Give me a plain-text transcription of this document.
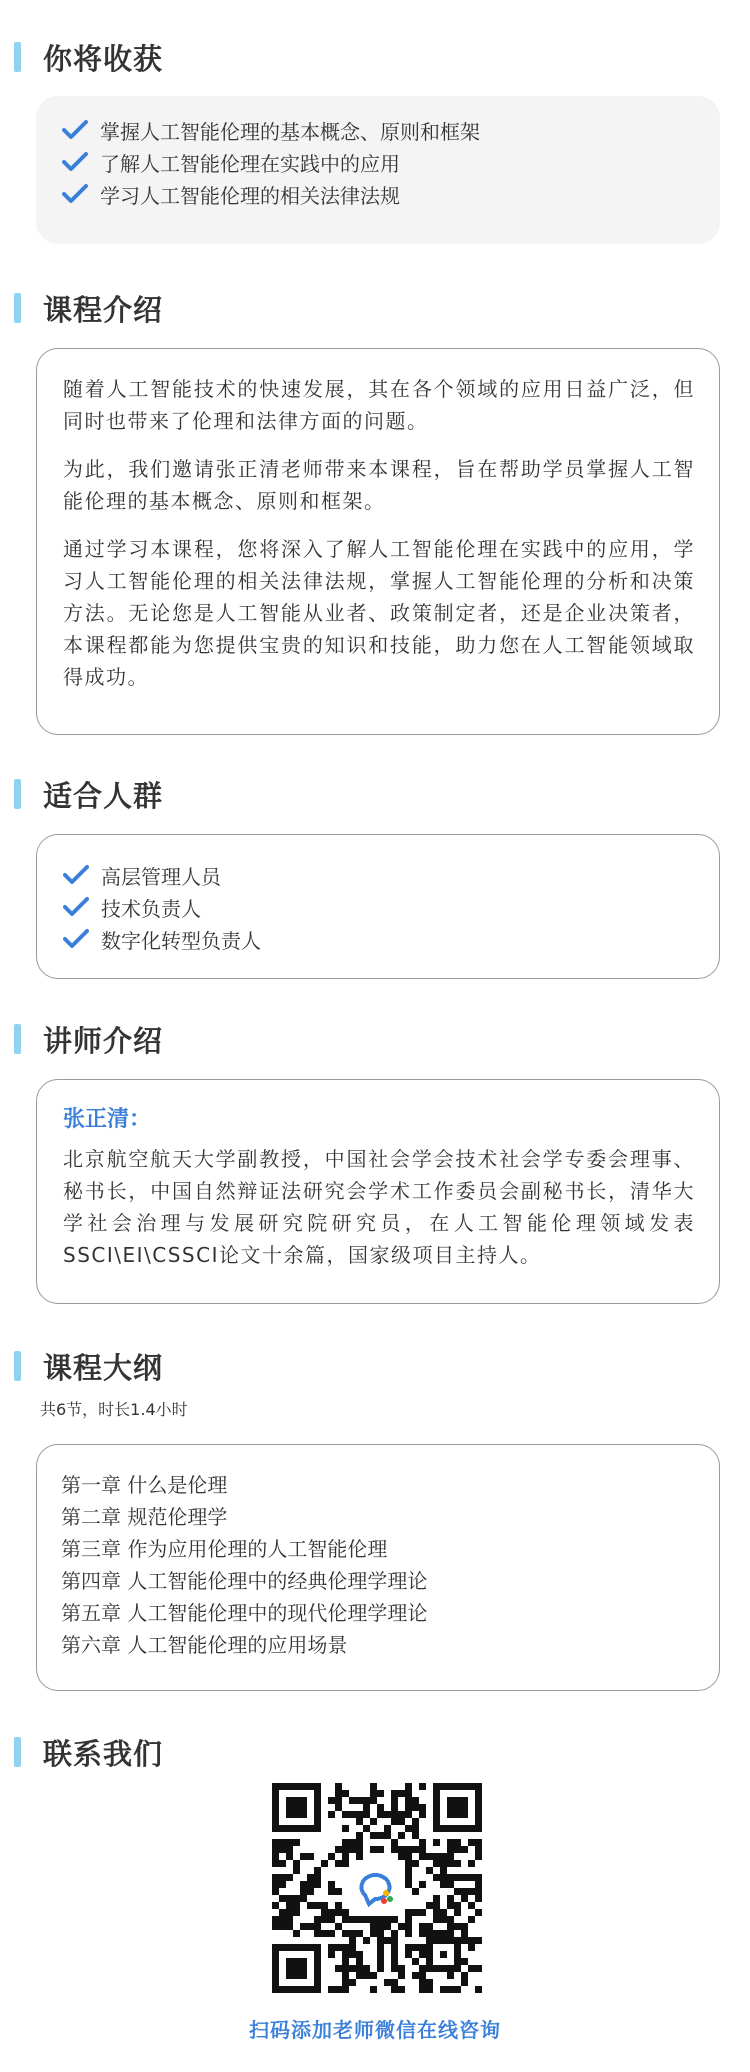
你将收获
掌握人工智能伦理的基本概念、原则和框架
了解人工智能伦理在实践中的应用
学习人工智能伦理的相关法律法规
课程介绍

随着人工智能技术的快速发展，其在各个领域的应用日益广泛，但同时也带来了伦理和法律方面的问题。

为此，我们邀请张正清老师带来本课程，旨在帮助学员掌握人工智能伦理的基本概念、原则和框架。

通过学习本课程，您将深入了解人工智能伦理在实践中的应用，学习人工智能伦理的相关法律法规，掌握人工智能伦理的分析和决策方法。无论您是人工智能从业者、政策制定者，还是企业决策者，本课程都能为您提供宝贵的知识和技能，助力您在人工智能领域取得成功。

适合人群
高层管理人员
技术负责人
数字化转型负责人
讲师介绍
张正清：

北京航空航天大学副教授，中国社会学会技术社会学专委会理事、秘书长，中国自然辩证法研究会学术工作委员会副秘书长，清华大学社会治理与发展研究院研究员，在人工智能伦理领域发表SSCI\EI\CSSCI论文十余篇，国家级项目主持人。

课程大纲
共6节，时长1.4小时
第一章 什么是伦理
第二章 规范伦理学
第三章 作为应用伦理的人工智能伦理
第四章 人工智能伦理中的经典伦理学理论
第五章 人工智能伦理中的现代伦理学理论
第六章 人工智能伦理的应用场景
联系我们
扫码添加老师微信在线咨询
